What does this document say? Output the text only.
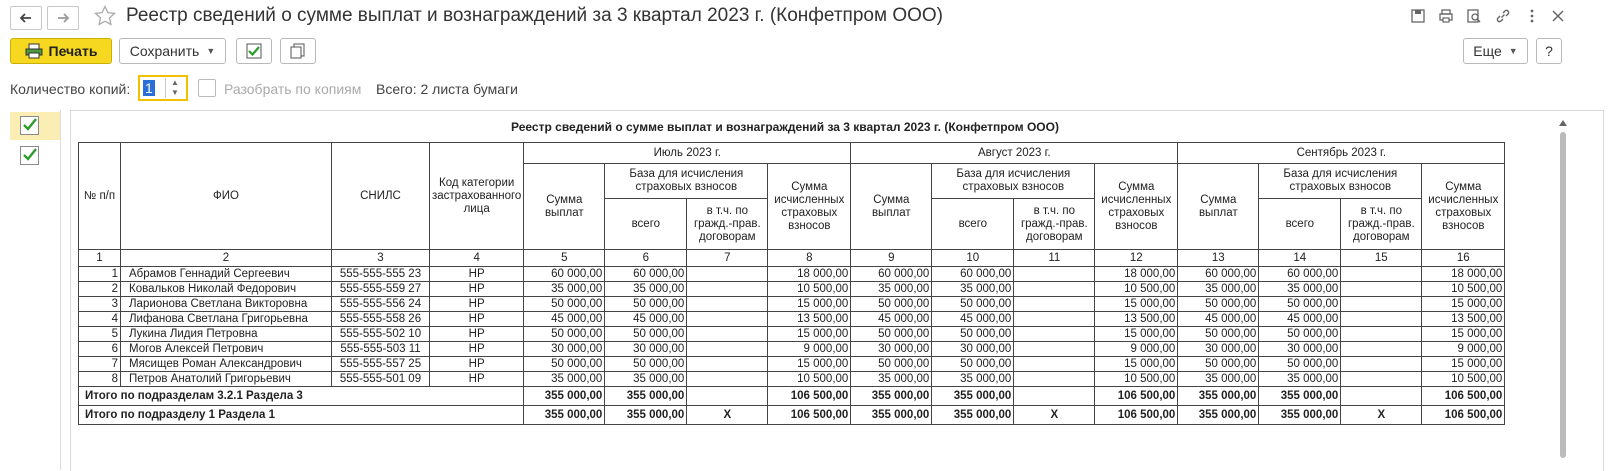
Реестр сведений о сумме выплат и вознаграждений за 3 квартал 2023 г. (Конфетпром ООО)
Печать Сохранить ▼	Еще ▼ ?
Количество копий: 1	▲
▼	Разобрать по копиям Всего: 2 листа бумаги
Реестр сведений о сумме выплат и вознаграждений за 3 квартал 2023 г. (Конфетпром ООО)
№ п/п	ФИО	СНИЛС	Код категории застрахованного лица	Июль 2023 г.				Август 2023 г.				Сентябрь 2023 г.			
				Сумма выплат	База для исчисления страховых взносов		Сумма исчисленных страховых взносов	Сумма выплат	База для исчисления страховых взносов		Сумма исчисленных страховых взносов	Сумма выплат	База для исчисления страховых взносов		Сумма исчисленных страховых взносов
					всего	в т.ч. по гражд.-прав. договорам			всего	в т.ч. по гражд.-прав. договорам			всего	в т.ч. по гражд.-прав. договорам	
1	2	3	4	5	6	7	8	9	10	11	12	13	14	15	16
1	Абрамов Геннадий Сергеевич	555-555-555 23	НР	60 000,00	60 000,00		18 000,00	60 000,00	60 000,00		18 000,00	60 000,00	60 000,00		18 000,00
2	Ковальков Николай Федорович	555-555-559 27	НР	35 000,00	35 000,00		10 500,00	35 000,00	35 000,00		10 500,00	35 000,00	35 000,00		10 500,00
3	Ларионова Светлана Викторовна	555-555-556 24	НР	50 000,00	50 000,00		15 000,00	50 000,00	50 000,00		15 000,00	50 000,00	50 000,00		15 000,00
4	Лифанова Светлана Григорьевна	555-555-558 26	НР	45 000,00	45 000,00		13 500,00	45 000,00	45 000,00		13 500,00	45 000,00	45 000,00		13 500,00
5	Лукина Лидия Петровна	555-555-502 10	НР	50 000,00	50 000,00		15 000,00	50 000,00	50 000,00		15 000,00	50 000,00	50 000,00		15 000,00
6	Могов Алексей Петрович	555-555-503 11	НР	30 000,00	30 000,00		9 000,00	30 000,00	30 000,00		9 000,00	30 000,00	30 000,00		9 000,00
7	Мясищев Роман Александрович	555-555-557 25	НР	50 000,00	50 000,00		15 000,00	50 000,00	50 000,00		15 000,00	50 000,00	50 000,00		15 000,00
8	Петров Анатолий Григорьевич	555-555-501 09	НР	35 000,00	35 000,00		10 500,00	35 000,00	35 000,00		10 500,00	35 000,00	35 000,00		10 500,00
Итого по подразделам 3.2.1 Раздела 3				355 000,00	355 000,00		106 500,00	355 000,00	355 000,00		106 500,00	355 000,00	355 000,00		106 500,00
Итого по подразделу 1 Раздела 1				355 000,00	355 000,00	X	106 500,00	355 000,00	355 000,00	X	106 500,00	355 000,00	355 000,00	X	106 500,00
